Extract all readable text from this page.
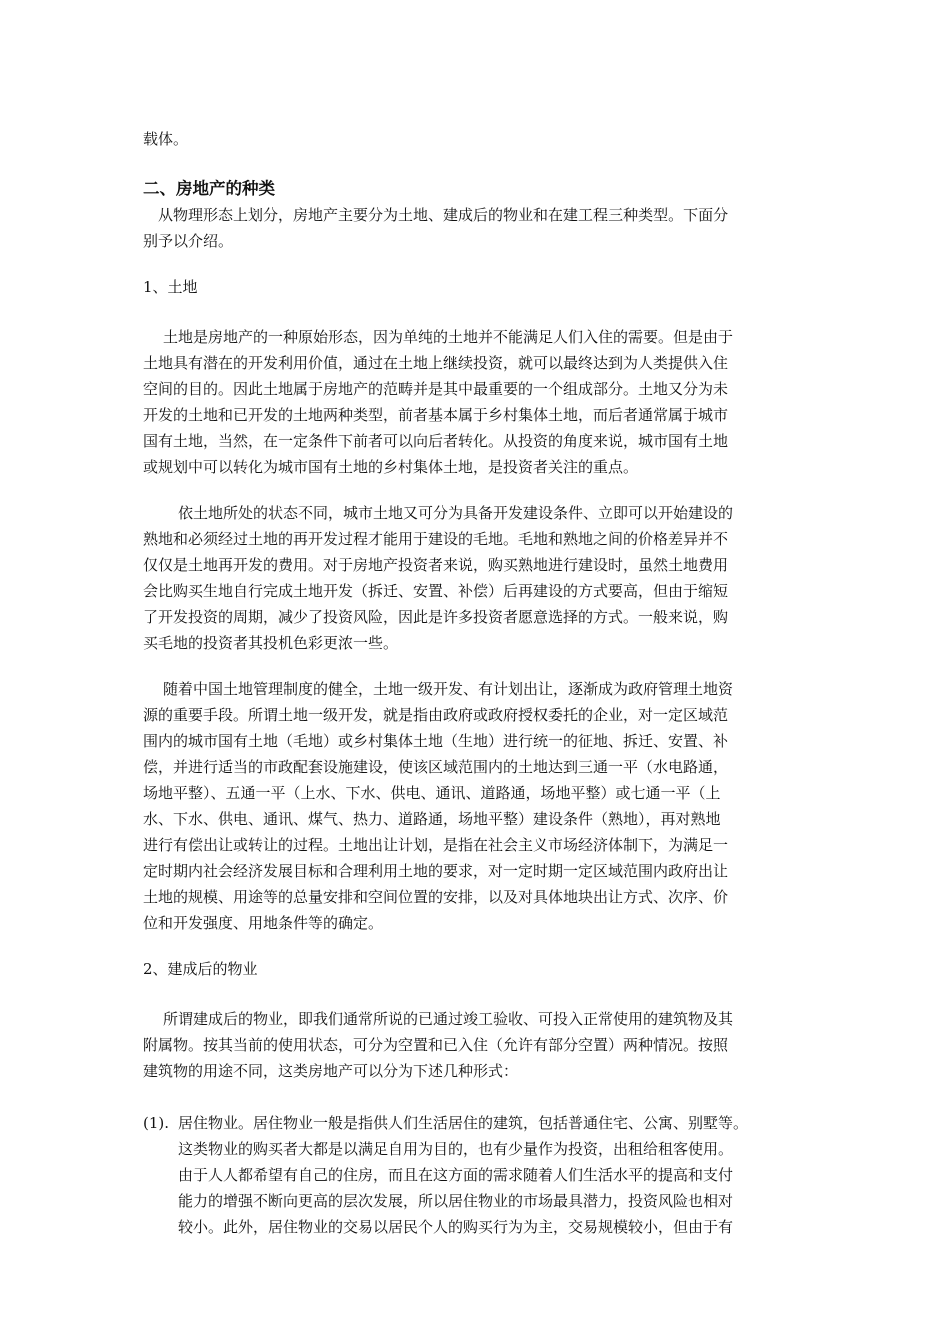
载体。
二、房地产的种类
从物理形态上划分，房地产主要分为土地、建成后的物业和在建工程三种类型。下面分
别予以介绍。
1、土地
土地是房地产的一种原始形态，因为单纯的土地并不能满足人们入住的需要。但是由于
土地具有潜在的开发利用价值，通过在土地上继续投资，就可以最终达到为人类提供入住
空间的目的。因此土地属于房地产的范畴并是其中最重要的一个组成部分。土地又分为未
开发的土地和已开发的土地两种类型，前者基本属于乡村集体土地，而后者通常属于城市
国有土地，当然，在一定条件下前者可以向后者转化。从投资的角度来说，城市国有土地
或规划中可以转化为城市国有土地的乡村集体土地，是投资者关注的重点。
依土地所处的状态不同，城市土地又可分为具备开发建设条件、立即可以开始建设的
熟地和必须经过土地的再开发过程才能用于建设的毛地。毛地和熟地之间的价格差异并不
仅仅是土地再开发的费用。对于房地产投资者来说，购买熟地进行建设时，虽然土地费用
会比购买生地自行完成土地开发（拆迁、安置、补偿）后再建设的方式要高，但由于缩短
了开发投资的周期，减少了投资风险，因此是许多投资者愿意选择的方式。一般来说，购
买毛地的投资者其投机色彩更浓一些。
随着中国土地管理制度的健全，土地一级开发、有计划出让，逐渐成为政府管理土地资
源的重要手段。所谓土地一级开发，就是指由政府或政府授权委托的企业，对一定区域范
围内的城市国有土地（毛地）或乡村集体土地（生地）进行统一的征地、拆迁、安置、补
偿，并进行适当的市政配套设施建设，使该区域范围内的土地达到三通一平（水电路通，
场地平整）、五通一平（上水、下水、供电、通讯、道路通，场地平整）或七通一平（上
水、下水、供电、通讯、煤气、热力、道路通，场地平整）建设条件（熟地），再对熟地
进行有偿出让或转让的过程。土地出让计划，是指在社会主义市场经济体制下，为满足一
定时期内社会经济发展目标和合理利用土地的要求，对一定时期一定区域范围内政府出让
土地的规模、用途等的总量安排和空间位置的安排，以及对具体地块出让方式、次序、价
位和开发强度、用地条件等的确定。
2、建成后的物业
所谓建成后的物业，即我们通常所说的已通过竣工验收、可投入正常使用的建筑物及其
附属物。按其当前的使用状态，可分为空置和已入住（允许有部分空置）两种情况。按照
建筑物的用途不同，这类房地产可以分为下述几种形式：
(1). 居住物业。居住物业一般是指供人们生活居住的建筑，包括普通住宅、公寓、别墅等。
这类物业的购买者大都是以满足自用为目的，也有少量作为投资，出租给租客使用。
由于人人都希望有自己的住房，而且在这方面的需求随着人们生活水平的提高和支付
能力的增强不断向更高的层次发展，所以居住物业的市场最具潜力，投资风险也相对
较小。此外，居住物业的交易以居民个人的购买行为为主，交易规模较小，但由于有
